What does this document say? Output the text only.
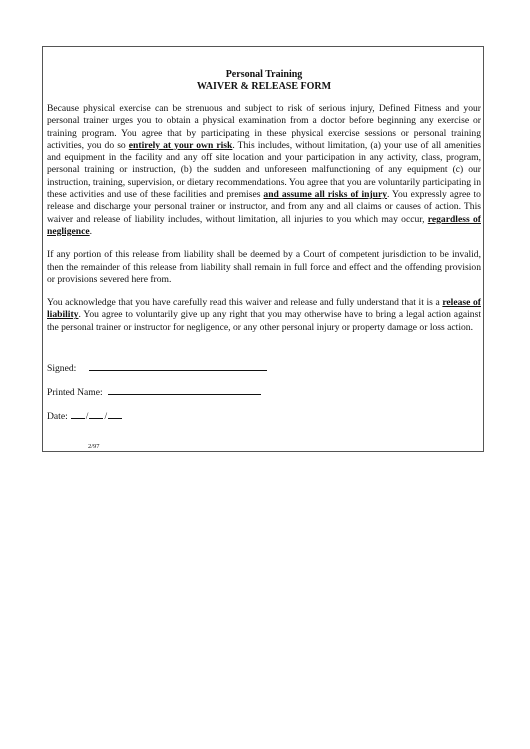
Personal Training
WAIVER & RELEASE FORM

Because physical exercise can be strenuous and subject to risk of serious injury, Defined Fitness and your personal trainer urges you to obtain a physical examination from a doctor before beginning any exercise or training program. You agree that by participating in these physical exercise sessions or personal training activities, you do so entirely at your own risk. This includes, without limitation, (a) your use of all amenities and equipment in the facility and any off site location and your participation in any activity, class, program, personal training or instruction, (b) the sudden and unforeseen malfunctioning of any equipment (c) our instruction, training, supervision, or dietary recommendations. You agree that you are voluntarily participating in these activities and use of these facilities and premises and assume all risks of injury. You expressly agree to release and discharge your personal trainer or instructor, and from any and all claims or causes of action. This waiver and release of liability includes, without limitation, all injuries to you which may occur, regardless of negligence.

If any portion of this release from liability shall be deemed by a Court of competent jurisdiction to be invalid, then the remainder of this release from liability shall remain in full force and effect and the offending provision or provisions severed here from.

You acknowledge that you have carefully read this waiver and release and fully understand that it is a release of liability. You agree to voluntarily give up any right that you may otherwise have to bring a legal action against the personal trainer or instructor for negligence, or any other personal injury or property damage or loss action.

Signed:
Printed Name:
Date: / /
2/97
